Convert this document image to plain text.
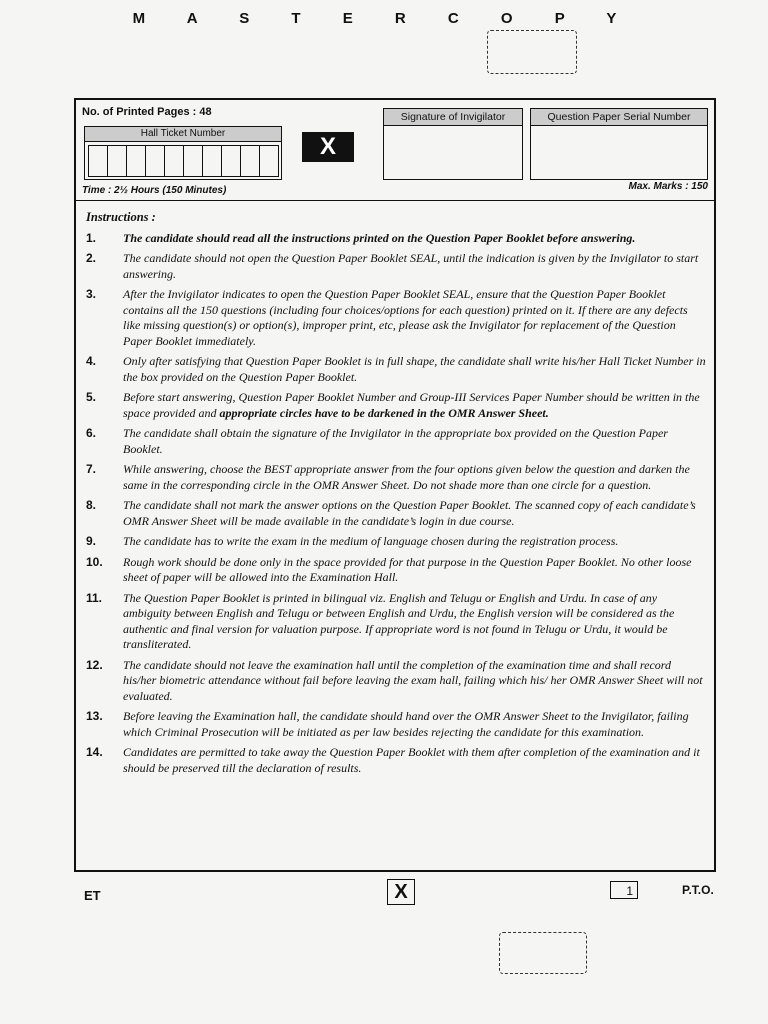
M A S T E R C O P Y
No. of Printed Pages : 48
Hall Ticket Number	X
Signature of Invigilator	Question Paper Serial Number
Time : 2½ Hours (150 Minutes)	Max. Marks : 150
Instructions :
1.	The candidate should read all the instructions printed on the Question Paper Booklet before answering.
2.	The candidate should not open the Question Paper Booklet SEAL, until the indication is given by the Invigilator to start answering.
3.	After the Invigilator indicates to open the Question Paper Booklet SEAL, ensure that the Question Paper Booklet contains all the 150 questions (including four choices/options for each question) printed on it. If there are any defects like missing question(s) or option(s), improper print, etc, please ask the Invigilator for replacement of the Question Paper Booklet immediately.
4.	Only after satisfying that Question Paper Booklet is in full shape, the candidate shall write his/her Hall Ticket Number in the box provided on the Question Paper Booklet.
5.	Before start answering, Question Paper Booklet Number and Group-III Services Paper Number should be written in the space provided and appropriate circles have to be darkened in the OMR Answer Sheet.
6.	The candidate shall obtain the signature of the Invigilator in the appropriate box provided on the Question Paper Booklet.
7.	While answering, choose the BEST appropriate answer from the four options given below the question and darken the same in the corresponding circle in the OMR Answer Sheet. Do not shade more than one circle for a question.
8.	The candidate shall not mark the answer options on the Question Paper Booklet. The scanned copy of each candidate’s OMR Answer Sheet will be made available in the candidate’s login in due course.
9.	The candidate has to write the exam in the medium of language chosen during the registration process.
10.	Rough work should be done only in the space provided for that purpose in the Question Paper Booklet. No other loose sheet of paper will be allowed into the Examination Hall.
11.	The Question Paper Booklet is printed in bilingual viz. English and Telugu or English and Urdu. In case of any ambiguity between English and Telugu or between English and Urdu, the English version will be considered as the authentic and final version for valuation purpose. If appropriate word is not found in Telugu or Urdu, it would be transliterated.
12.	The candidate should not leave the examination hall until the completion of the examination time and shall record his/her biometric attendance without fail before leaving the exam hall, failing which his/ her OMR Answer Sheet will not evaluated.
13.	Before leaving the Examination hall, the candidate should hand over the OMR Answer Sheet to the Invigilator, failing which Criminal Prosecution will be initiated as per law besides rejecting the candidate for this examination.
14.	Candidates are permitted to take away the Question Paper Booklet with them after completion of the examination and it should be preserved till the declaration of results.
ET	X	1	P.T.O.
